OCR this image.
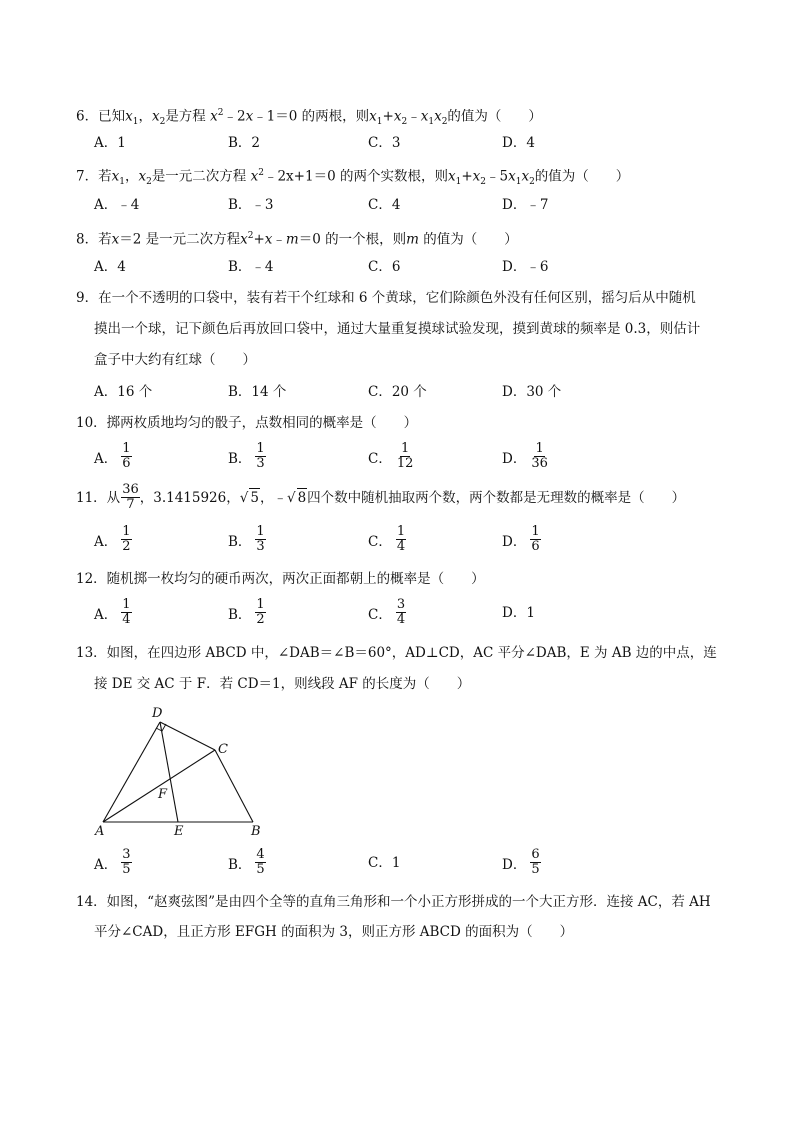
6．已知$x_1$，$x_2$是方程 $x^2﹣2x﹣1=0$ 的两根，则$x_1+x_2﹣x_1x_2$的值为（　　）
A．1	B．2	C．3	D．4
7．若$x_1$，$x_2$是一元二次方程 $x^2﹣2x+1=0$ 的两个实数根，则$x_1+x_2﹣5x_1x_2$的值为（　　）
A．﹣4	B．﹣3	C．4	D．﹣7
8．若x＝2 是一元二次方程$x^2+x﹣m=0$ 的一个根，则m 的值为（　　）
A．4	B．﹣4	C．6	D．﹣6
9．在一个不透明的口袋中，装有若干个红球和 6 个黄球，它们除颜色外没有任何区别，摇匀后从中随机
摸出一个球，记下颜色后再放回口袋中，通过大量重复摸球试验发现，摸到黄球的频率是 0.3，则估计
盒子中大约有红球（　　）
A．16 个	B．14 个	C．20 个	D．30 个
10．掷两枚质地均匀的骰子，点数相同的概率是（　　）
A． $\frac{1}{6}$	B． $\frac{1}{3}$	C． $\frac{1}{12}$	D． $\frac{1}{36}$
11．从 $\frac{36}{7}$ ，3.1415926， √ 5 ，﹣ √ 8 四个数中随机抽取两个数，两个数都是无理数的概率是（　　）
A． $\frac{1}{2}$	B． $\frac{1}{3}$	C． $\frac{1}{4}$	D． $\frac{1}{6}$
12．随机掷一枚均匀的硬币两次，两次正面都朝上的概率是（　　）
A． $\frac{1}{4}$	B． $\frac{1}{2}$	C． $\frac{3}{4}$	D．1
13．如图，在四边形 ABCD 中，∠DAB＝∠B＝60°，AD⊥CD，AC 平分∠DAB，E 为 AB 边的中点，连
接 DE 交 AC 于 F．若 CD＝1，则线段 AF 的长度为（　　）
D
C
F
A	E	B
A． $\frac{3}{5}$	B． $\frac{4}{5}$	C．1	D． $\frac{6}{5}$
14．如图，“赵爽弦图”是由四个全等的直角三角形和一个小正方形拼成的一个大正方形．连接 AC，若 AH
平分∠CAD，且正方形 EFGH 的面积为 3，则正方形 ABCD 的面积为（　　）
